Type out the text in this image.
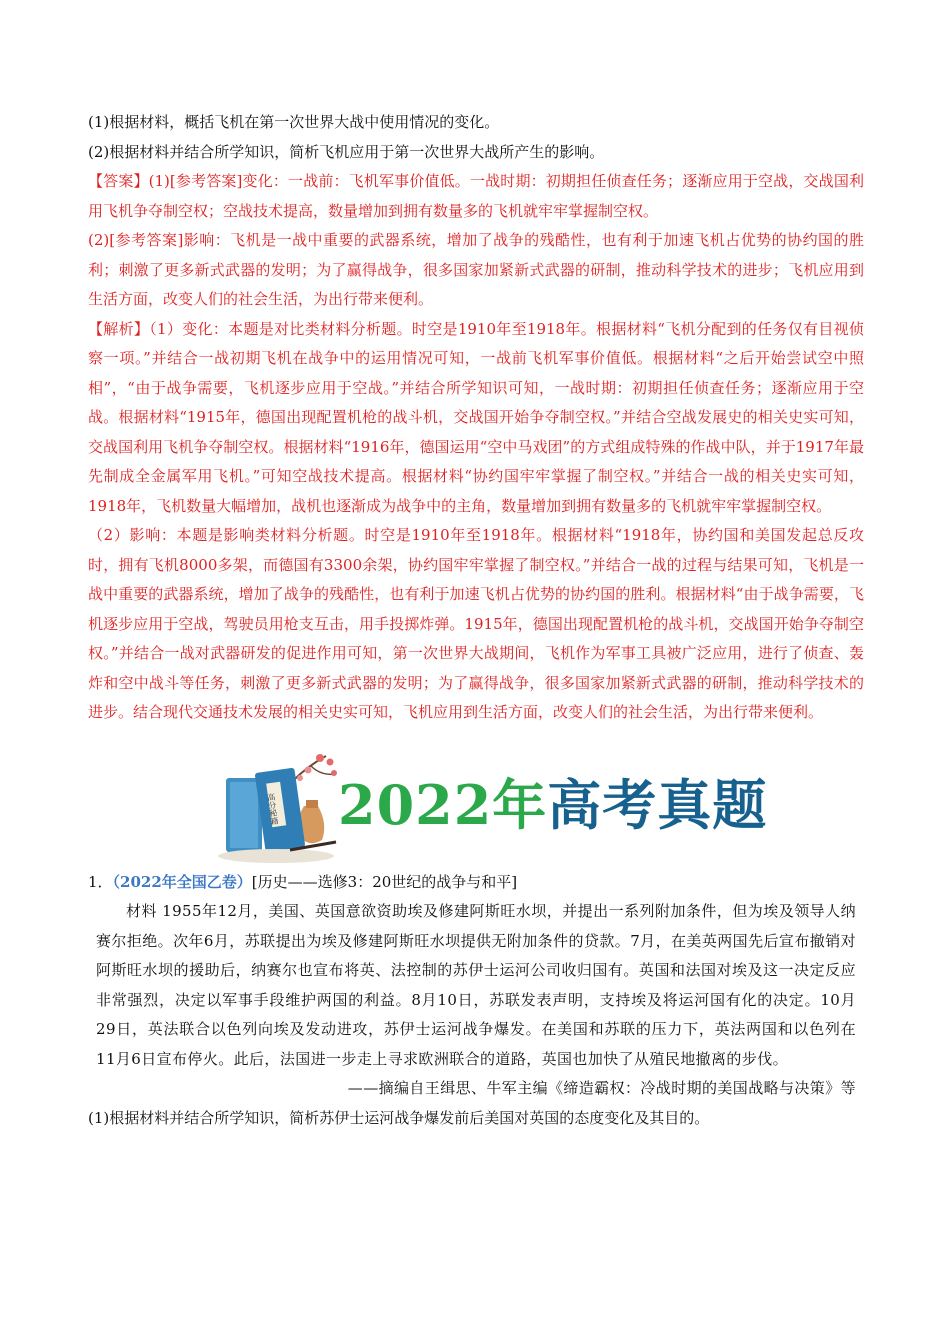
(1)根据材料，概括飞机在第一次世界大战中使用情况的变化。

(2)根据材料并结合所学知识，简析飞机应用于第一次世界大战所产生的影响。

【答案】(1)[参考答案]变化：一战前：飞机军事价值低。一战时期：初期担任侦查任务；逐渐应用于空战，交战国利用飞机争夺制空权；空战技术提高，数量增加到拥有数量多的飞机就牢牢掌握制空权。

(2)[参考答案]影响：飞机是一战中重要的武器系统，增加了战争的残酷性，也有利于加速飞机占优势的协约国的胜利；刺激了更多新式武器的发明；为了赢得战争，很多国家加紧新式武器的研制，推动科学技术的进步；飞机应用到生活方面，改变人们的社会生活，为出行带来便利。

【解析】（1）变化：本题是对比类材料分析题。时空是1910年至1918年。根据材料“飞机分配到的任务仅有目视侦察一项。”并结合一战初期飞机在战争中的运用情况可知，一战前飞机军事价值低。根据材料“之后开始尝试空中照相”，“由于战争需要，飞机逐步应用于空战。”并结合所学知识可知，一战时期：初期担任侦查任务；逐渐应用于空战。根据材料“1915年，德国出现配置机枪的战斗机，交战国开始争夺制空权。”并结合空战发展史的相关史实可知，交战国利用飞机争夺制空权。根据材料“1916年，德国运用“空中马戏团”的方式组成特殊的作战中队，并于1917年最先制成全金属军用飞机。”可知空战技术提高。根据材料“协约国牢牢掌握了制空权。”并结合一战的相关史实可知，1918年，飞机数量大幅增加，战机也逐渐成为战争中的主角，数量增加到拥有数量多的飞机就牢牢掌握制空权。

（2）影响：本题是影响类材料分析题。时空是1910年至1918年。根据材料“1918年，协约国和美国发起总反攻时，拥有飞机8000多架，而德国有3300余架，协约国牢牢掌握了制空权。”并结合一战的过程与结果可知，飞机是一战中重要的武器系统，增加了战争的残酷性，也有利于加速飞机占优势的协约国的胜利。根据材料“由于战争需要，飞机逐步应用于空战，驾驶员用枪支互击，用手投掷炸弹。1915年，德国出现配置机枪的战斗机，交战国开始争夺制空权。”并结合一战对武器研发的促进作用可知，第一次世界大战期间，飞机作为军事工具被广泛应用，进行了侦查、轰炸和空中战斗等任务，刺激了更多新式武器的发明；为了赢得战争，很多国家加紧新式武器的研制，推动科学技术的进步。结合现代交通技术发展的相关史实可知，飞机应用到生活方面，改变人们的社会生活，为出行带来便利。

高分秘籍 2022年高考真题

1．（2022年全国乙卷）[历史——选修3：20世纪的战争与和平]

材料 1955年12月，美国、英国意欲资助埃及修建阿斯旺水坝，并提出一系列附加条件，但为埃及领导人纳赛尔拒绝。次年6月，苏联提出为埃及修建阿斯旺水坝提供无附加条件的贷款。7月，在美英两国先后宣布撤销对阿斯旺水坝的援助后，纳赛尔也宣布将英、法控制的苏伊士运河公司收归国有。英国和法国对埃及这一决定反应非常强烈，决定以军事手段维护两国的利益。8月10日，苏联发表声明，支持埃及将运河国有化的决定。10月29日，英法联合以色列向埃及发动进攻，苏伊士运河战争爆发。在美国和苏联的压力下，英法两国和以色列在11月6日宣布停火。此后，法国进一步走上寻求欧洲联合的道路，英国也加快了从殖民地撤离的步伐。

——摘编自王缉思、牛军主编《缔造霸权：冷战时期的美国战略与决策》等

(1)根据材料并结合所学知识，简析苏伊士运河战争爆发前后美国对英国的态度变化及其目的。
